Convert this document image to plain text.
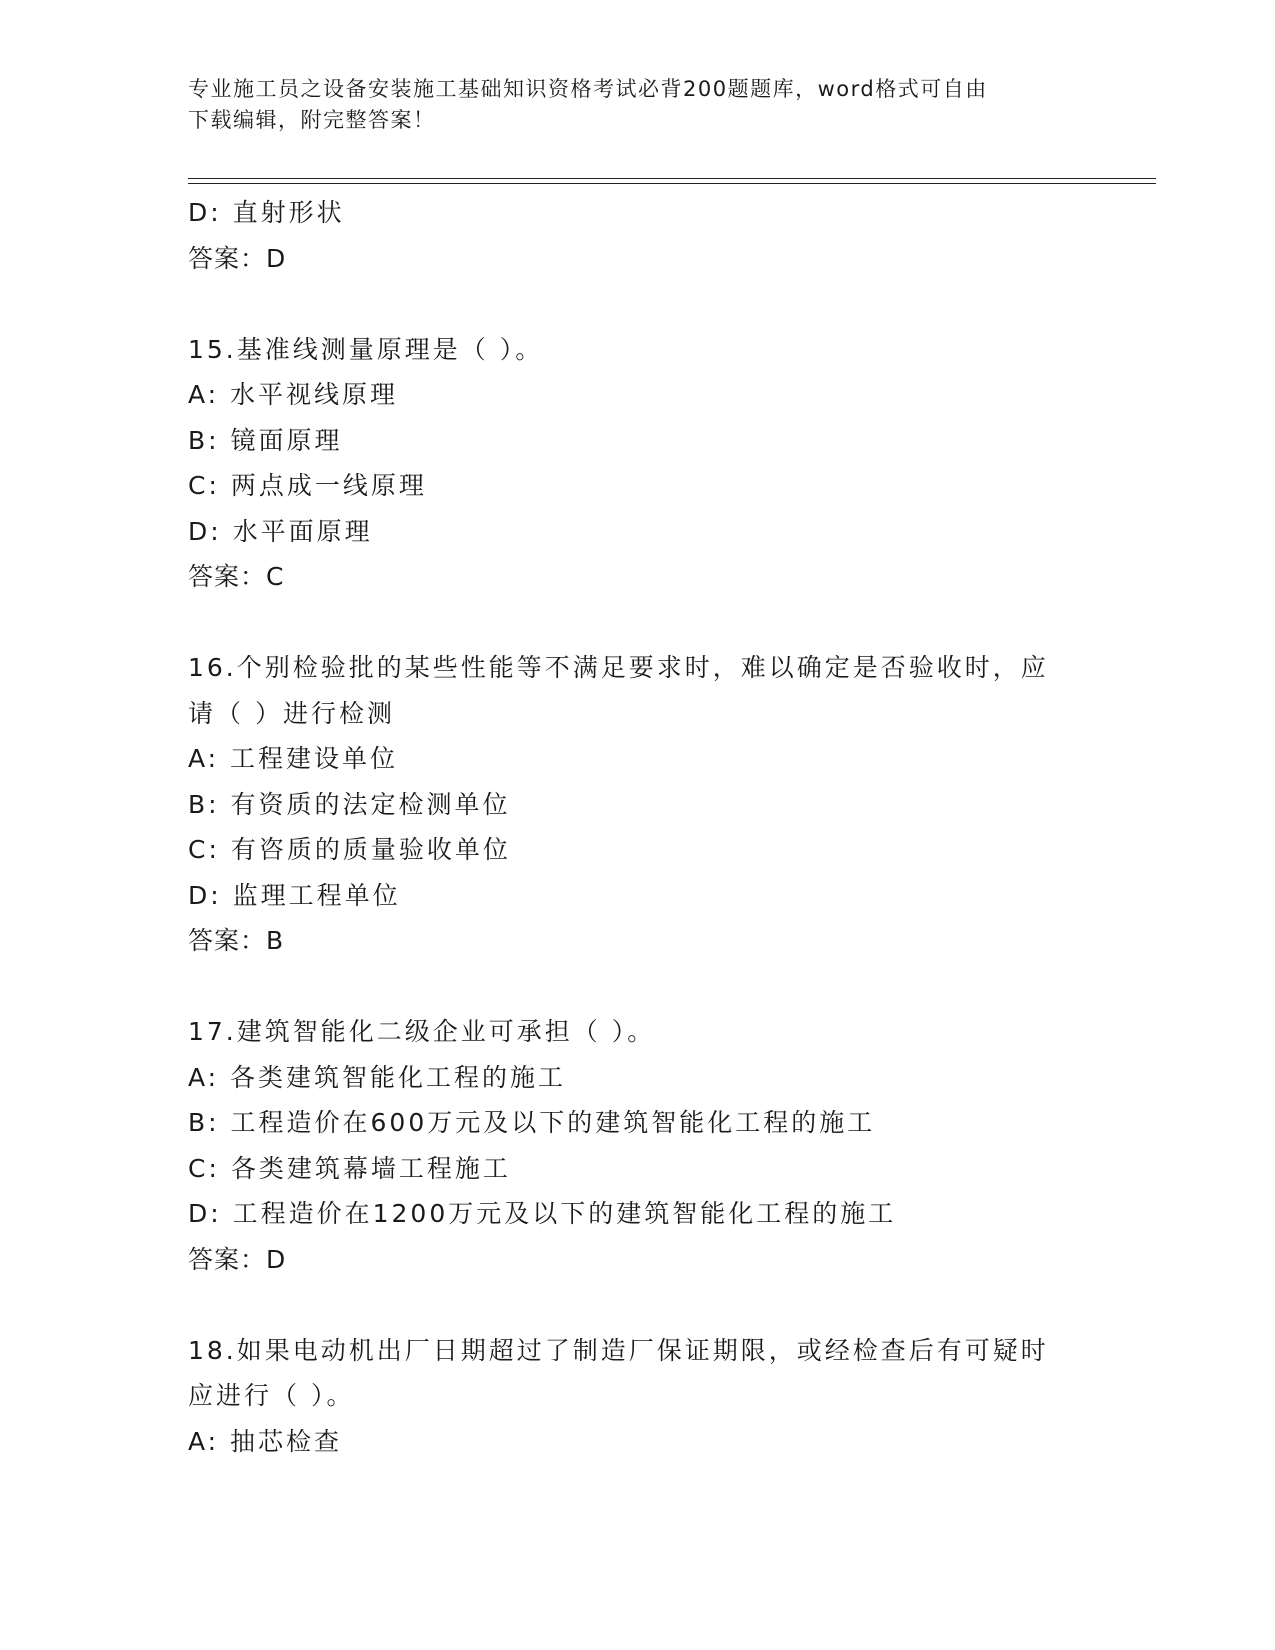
专业施工员之设备安装施工基础知识资格考试必背200题题库，word格式可自由
下载编辑，附完整答案！
D: 直射形状
答案：D
15.基准线测量原理是（ ）。
A: 水平视线原理
B: 镜面原理
C: 两点成一线原理
D: 水平面原理
答案：C
16.个别检验批的某些性能等不满足要求时，难以确定是否验收时，应
请（ ）进行检测
A: 工程建设单位
B: 有资质的法定检测单位
C: 有咨质的质量验收单位
D: 监理工程单位
答案：B
17.建筑智能化二级企业可承担（ ）。
A: 各类建筑智能化工程的施工
B: 工程造价在600万元及以下的建筑智能化工程的施工
C: 各类建筑幕墙工程施工
D: 工程造价在1200万元及以下的建筑智能化工程的施工
答案：D
18.如果电动机出厂日期超过了制造厂保证期限，或经检查后有可疑时
应进行（ ）。
A: 抽芯检查
